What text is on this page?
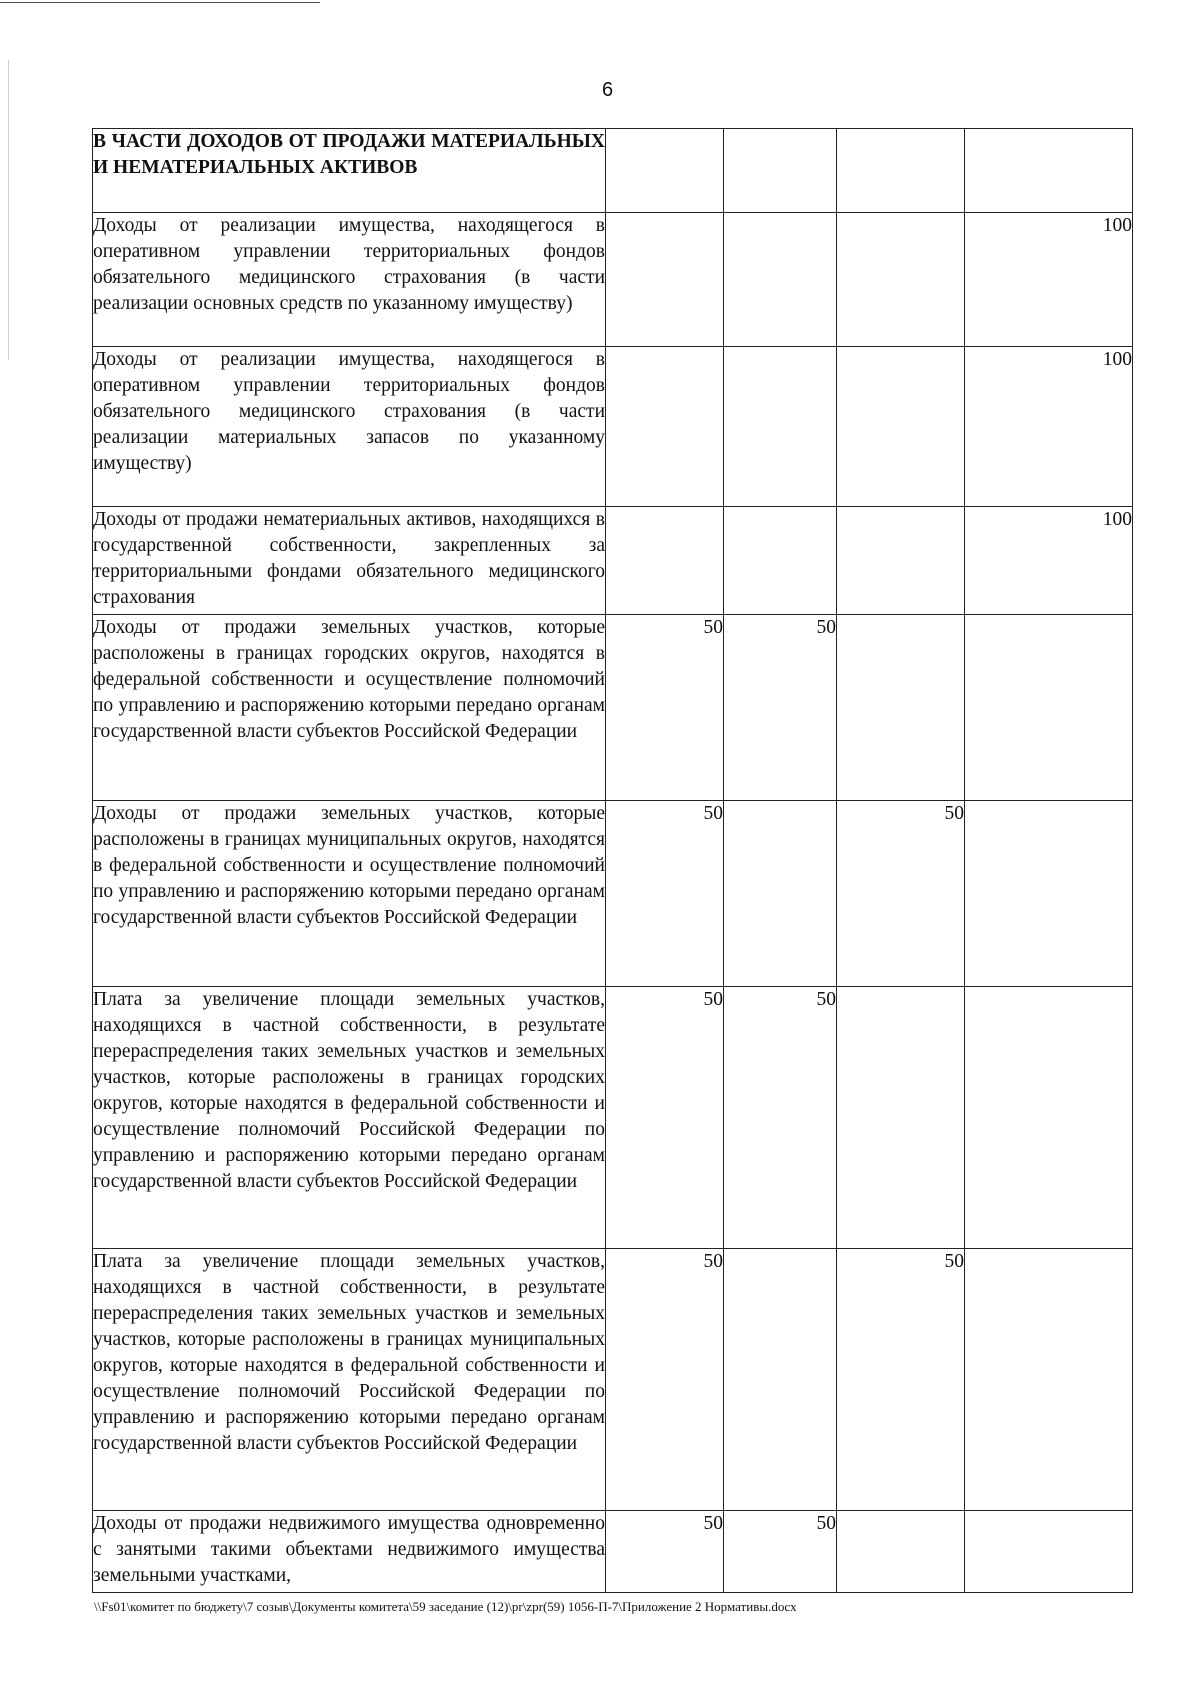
6
В ЧАСТИ ДОХОДОВ ОТ ПРОДАЖИ МАТЕРИАЛЬНЫХ И НЕМАТЕРИАЛЬНЫХ АКТИВОВ				
Доходы от реализации имущества, находящегося в оперативном управлении территориальных фондов обязательного медицинского страхования (в части реализации основных средств по указанному имуществу)				100
Доходы от реализации имущества, находящегося в оперативном управлении территориальных фондов обязательного медицинского страхования (в части реализации материальных запасов по указанному имуществу)				100
Доходы от продажи нематериальных активов, находящихся в государственной собственности, закрепленных за территориальными фондами обязательного медицинского страхования				100
Доходы от продажи земельных участков, которые расположены в границах городских округов, находятся в федеральной собственности и осуществление полномочий по управлению и распоряжению которыми передано органам государственной власти субъектов Российской Федерации	50	50		
Доходы от продажи земельных участков, которые расположены в границах муниципальных округов, находятся в федеральной собственности и осуществление полномочий по управлению и распоряжению которыми передано органам государственной власти субъектов Российской Федерации	50		50	
Плата за увеличение площади земельных участков, находящихся в частной собственности, в результате перераспределения таких земельных участков и земельных участков, которые расположены в границах городских округов, которые находятся в федеральной собственности и осуществление полномочий Российской Федерации по управлению и распоряжению которыми передано органам государственной власти субъектов Российской Федерации	50	50		
Плата за увеличение площади земельных участков, находящихся в частной собственности, в результате перераспределения таких земельных участков и земельных участков, которые расположены в границах муниципальных округов, которые находятся в федеральной собственности и осуществление полномочий Российской Федерации по управлению и распоряжению которыми передано органам государственной власти субъектов Российской Федерации	50		50	
Доходы от продажи недвижимого имущества одновременно с занятыми такими объектами недвижимого имущества земельными участками,	50	50		
\\Fs01\комитет по бюджету\7 созыв\Документы комитета\59 заседание (12)\pr\zpr(59) 1056-П-7\Приложение 2 Нормативы.docx
